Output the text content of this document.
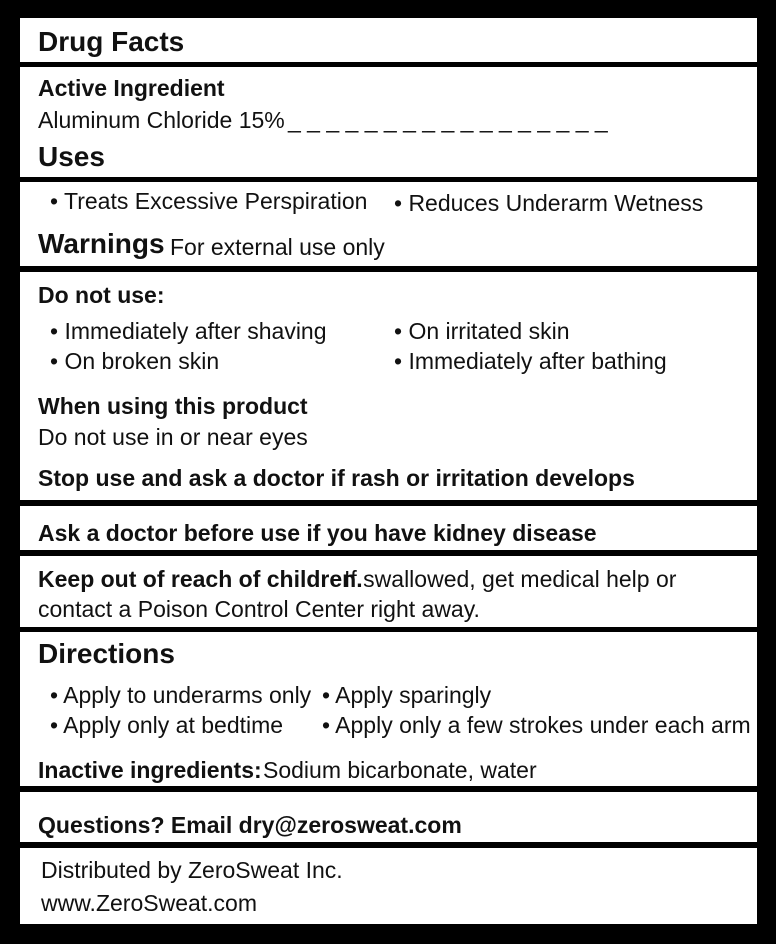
Drug Facts
Active Ingredient
Aluminum Chloride 15% _ _ _ _ _ _ _ _ _ _ _ _ _ _ _ _ _
Uses
• Treats Excessive Perspiration • Reduces Underarm Wetness
Warnings For external use only
Do not use:
• Immediately after shaving	• On irritated skin
• On broken skin	• Immediately after bathing
When using this product
Do not use in or near eyes
Stop use and ask a doctor if rash or irritation develops
Ask a doctor before use if you have kidney disease
Keep out of reach of children.
If swallowed, get medical help or
contact a Poison Control Center right away.
Directions
• Apply to underarms only • Apply sparingly
• Apply only at bedtime • Apply only a few strokes under each arm
Inactive ingredients: Sodium bicarbonate, water
Questions? Email dry@zerosweat.com
Distributed by ZeroSweat Inc.
www.ZeroSweat.com
